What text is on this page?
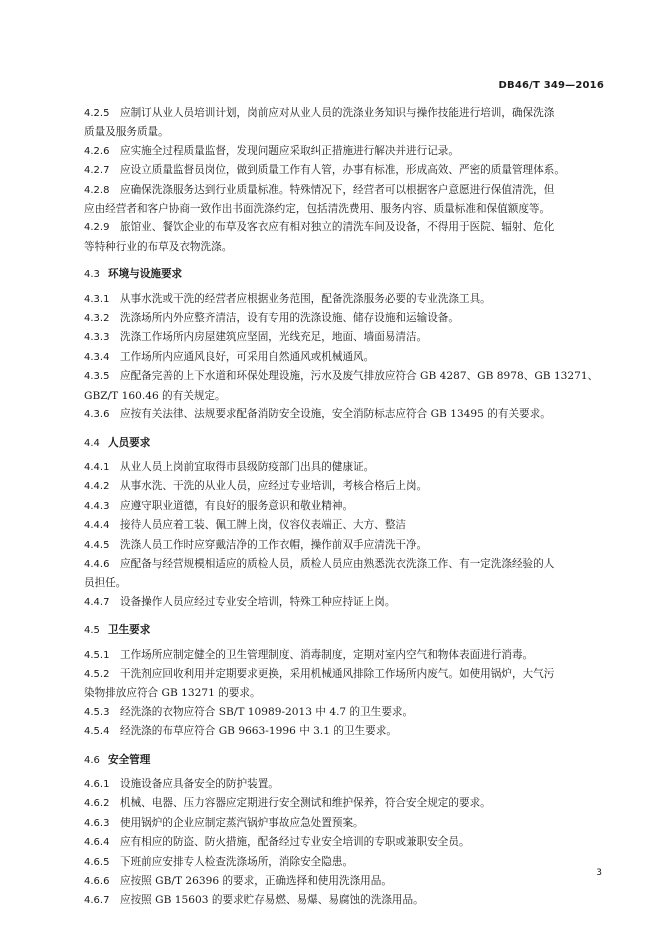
DB46/T 349—2016
4.2.5 应制订从业人员培训计划，岗前应对从业人员的洗涤业务知识与操作技能进行培训，确保洗涤
质量及服务质量。
4.2.6 应实施全过程质量监督，发现问题应采取纠正措施进行解决并进行记录。
4.2.7 应设立质量监督员岗位，做到质量工作有人管，办事有标准，形成高效、严密的质量管理体系。
4.2.8 应确保洗涤服务达到行业质量标准。特殊情况下，经营者可以根据客户意愿进行保值清洗，但
应由经营者和客户协商一致作出书面洗涤约定，包括清洗费用、服务内容、质量标准和保值额度等。
4.2.9 旅馆业、餐饮企业的布草及客衣应有相对独立的清洗车间及设备，不得用于医院、辐射、危化
等特种行业的布草及衣物洗涤。
4.3 环境与设施要求
4.3.1 从事水洗或干洗的经营者应根据业务范围，配备洗涤服务必要的专业洗涤工具。
4.3.2 洗涤场所内外应整齐清洁，设有专用的洗涤设施、储存设施和运输设备。
4.3.3 洗涤工作场所内房屋建筑应坚固，光线充足，地面、墙面易清洁。
4.3.4 工作场所内应通风良好，可采用自然通风或机械通风。
4.3.5 应配备完善的上下水道和环保处理设施，污水及废气排放应符合 GB 4287、GB 8978、GB 13271、
GBZ/T 160.46 的有关规定。
4.3.6 应按有关法律、法规要求配备消防安全设施，安全消防标志应符合 GB 13495 的有关要求。
4.4 人员要求
4.4.1 从业人员上岗前宜取得市县级防疫部门出具的健康证。
4.4.2 从事水洗、干洗的从业人员，应经过专业培训，考核合格后上岗。
4.4.3 应遵守职业道德，有良好的服务意识和敬业精神。
4.4.4 接待人员应着工装、佩工牌上岗，仪容仪表端正、大方、整洁
4.4.5 洗涤人员工作时应穿戴洁净的工作衣帽，操作前双手应清洗干净。
4.4.6 应配备与经营规模相适应的质检人员，质检人员应由熟悉洗衣洗涤工作、有一定洗涤经验的人
员担任。
4.4.7 设备操作人员应经过专业安全培训，特殊工种应持证上岗。
4.5 卫生要求
4.5.1 工作场所应制定健全的卫生管理制度、消毒制度，定期对室内空气和物体表面进行消毒。
4.5.2 干洗剂应回收利用并定期要求更换，采用机械通风排除工作场所内废气。如使用锅炉，大气污
染物排放应符合 GB 13271 的要求。
4.5.3 经洗涤的衣物应符合 SB/T 10989-2013 中 4.7 的卫生要求。
4.5.4 经洗涤的布草应符合 GB 9663-1996 中 3.1 的卫生要求。
4.6 安全管理
4.6.1 设施设备应具备安全的防护装置。
4.6.2 机械、电器、压力容器应定期进行安全测试和维护保养，符合安全规定的要求。
4.6.3 使用锅炉的企业应制定蒸汽锅炉事故应急处置预案。
4.6.4 应有相应的防盗、防火措施，配备经过专业安全培训的专职或兼职安全员。
4.6.5 下班前应安排专人检查洗涤场所，消除安全隐患。
4.6.6 应按照 GB/T 26396 的要求，正确选择和使用洗涤用品。
4.6.7 应按照 GB 15603 的要求贮存易燃、易爆、易腐蚀的洗涤用品。
3
